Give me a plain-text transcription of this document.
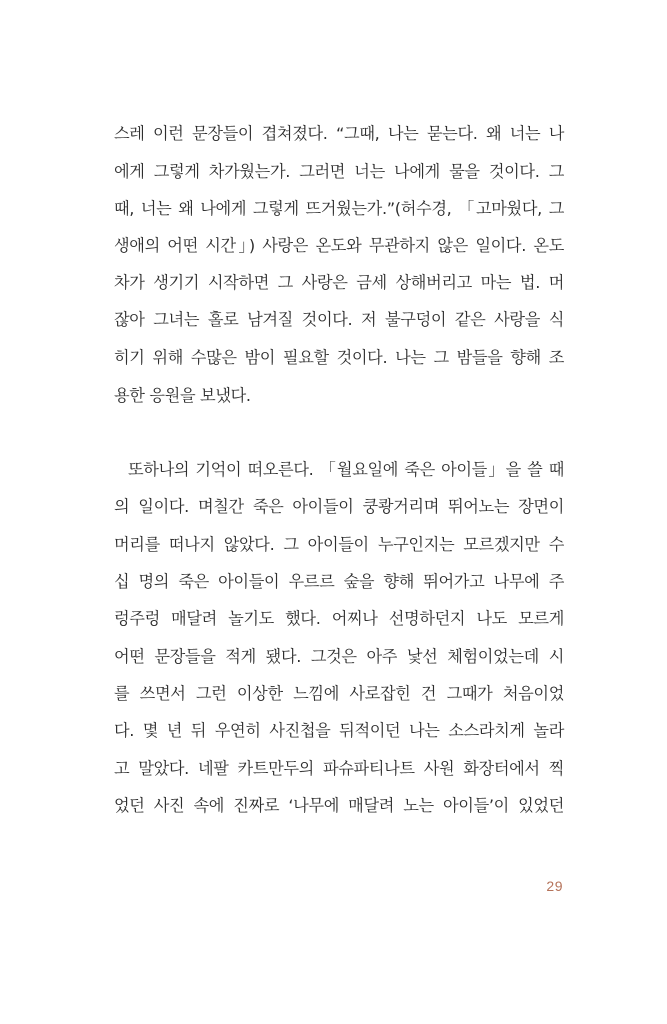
스레 이런 문장들이 겹쳐졌다. “그때, 나는 묻는다. 왜 너는 나
에게 그렇게 차가웠는가. 그러면 너는 나에게 물을 것이다. 그
때, 너는 왜 나에게 그렇게 뜨거웠는가.”(허수경, 「고마웠다, 그
생애의 어떤 시간」) 사랑은 온도와 무관하지 않은 일이다. 온도
차가 생기기 시작하면 그 사랑은 금세 상해버리고 마는 법. 머
잖아 그녀는 홀로 남겨질 것이다. 저 불구덩이 같은 사랑을 식
히기 위해 수많은 밤이 필요할 것이다. 나는 그 밤들을 향해 조
용한 응원을 보냈다.
또하나의 기억이 떠오른다. 「월요일에 죽은 아이들」을 쓸 때
의 일이다. 며칠간 죽은 아이들이 쿵쾅거리며 뛰어노는 장면이
머리를 떠나지 않았다. 그 아이들이 누구인지는 모르겠지만 수
십 명의 죽은 아이들이 우르르 숲을 향해 뛰어가고 나무에 주
렁주렁 매달려 놀기도 했다. 어찌나 선명하던지 나도 모르게
어떤 문장들을 적게 됐다. 그것은 아주 낯선 체험이었는데 시
를 쓰면서 그런 이상한 느낌에 사로잡힌 건 그때가 처음이었
다. 몇 년 뒤 우연히 사진첩을 뒤적이던 나는 소스라치게 놀라
고 말았다. 네팔 카트만두의 파슈파티나트 사원 화장터에서 찍
었던 사진 속에 진짜로 ‘나무에 매달려 노는 아이들’이 있었던
29
